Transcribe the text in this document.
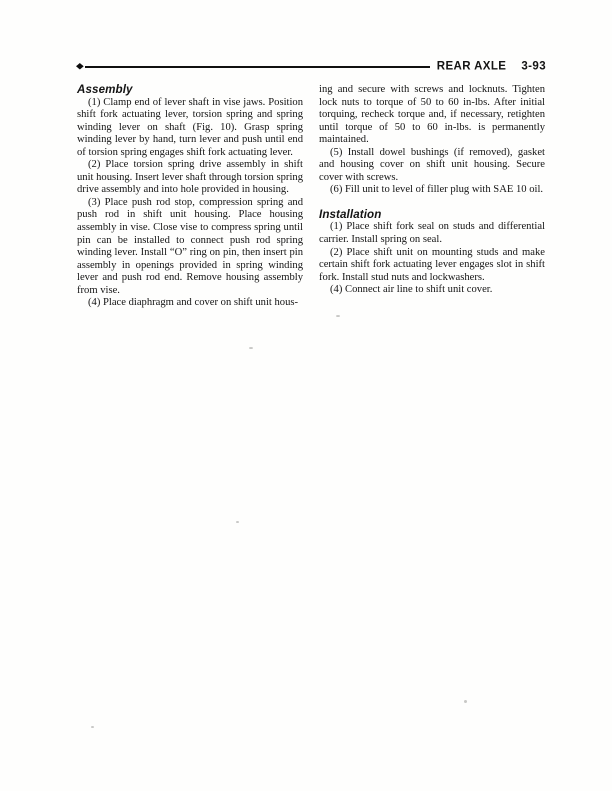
◆	REAR AXLE 3-93
Assembly

(1) Clamp end of lever shaft in vise jaws. Position shift fork actuating lever, torsion spring and spring winding lever on shaft (Fig. 10). Grasp spring winding lever by hand, turn lever and push until end of torsion spring engages shift fork actuating lever.

(2) Place torsion spring drive assembly in shift unit housing. Insert lever shaft through torsion spring drive assembly and into hole provided in housing.

(3) Place push rod stop, compression spring and push rod in shift unit housing. Place housing assembly in vise. Close vise to compress spring until pin can be installed to connect push rod spring winding lever. Install “O” ring on pin, then insert pin assembly in openings provided in spring winding lever and push rod end. Remove housing assembly from vise.

(4) Place diaphragm and cover on shift unit hous-

ing and secure with screws and locknuts. Tighten lock nuts to torque of 50 to 60 in-lbs. After initial torquing, recheck torque and, if necessary, retighten until torque of 50 to 60 in-lbs. is permanently maintained.

(5) Install dowel bushings (if removed), gasket and housing cover on shift unit housing. Secure cover with screws.

(6) Fill unit to level of filler plug with SAE 10 oil.

Installation

(1) Place shift fork seal on studs and differential carrier. Install spring on seal.

(2) Place shift unit on mounting studs and make certain shift fork actuating lever engages slot in shift fork. Install stud nuts and lockwashers.

(4) Connect air line to shift unit cover.
